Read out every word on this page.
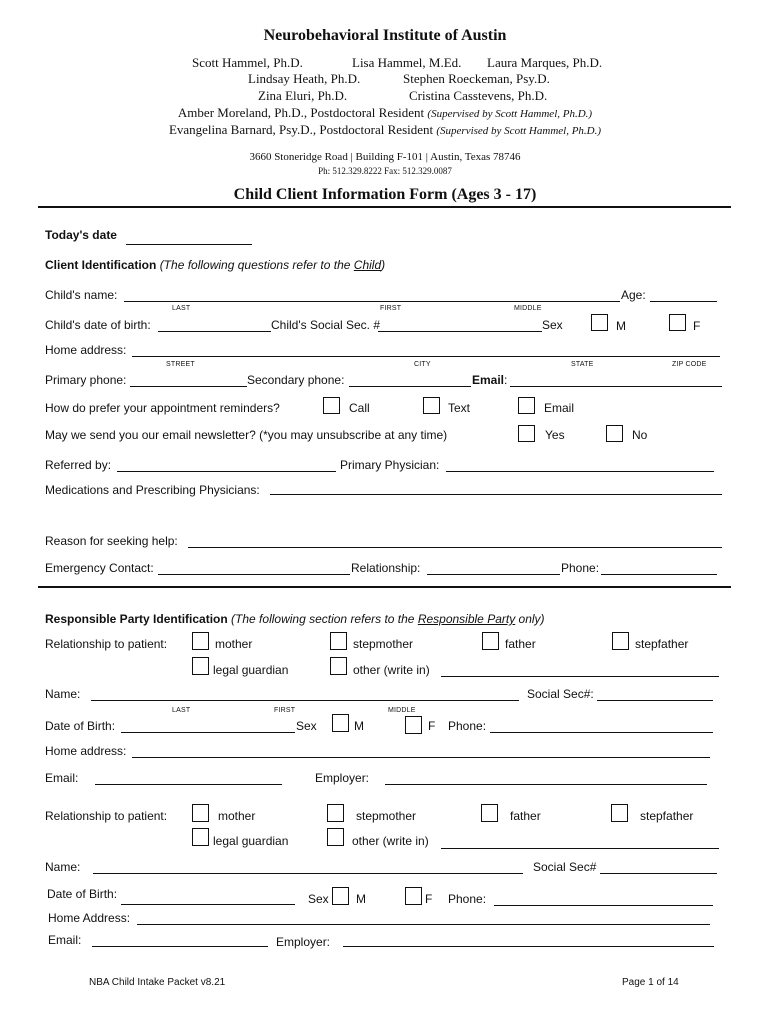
Neurobehavioral Institute of Austin
Scott Hammel, Ph.D.	Lisa Hammel, M.Ed. Laura Marques, Ph.D.
Lindsay Heath, Ph.D.	Stephen Roeckeman, Psy.D.
Zina Eluri, Ph.D.	Cristina Casstevens, Ph.D.
Amber Moreland, Ph.D., Postdoctoral Resident (Supervised by Scott Hammel, Ph.D.)
Evangelina Barnard, Psy.D., Postdoctoral Resident (Supervised by Scott Hammel, Ph.D.)
3660 Stoneridge Road | Building F-101 | Austin, Texas 78746
Ph: 512.329.8222 Fax: 512.329.0087
Child Client Information Form (Ages 3 - 17)
Today's date
Client Identification (The following questions refer to the Child)
Child's name:	Age:
LAST	FIRST	MIDDLE
Child's date of birth:	Child's Social Sec. #	Sex	M	F
Home address:
STREET	CITY	STATE	ZIP CODE
Primary phone:	Secondary phone:	Email:
How do prefer your appointment reminders?	Call	Text	Email
May we send you our email newsletter? (*you may unsubscribe at any time)	Yes	No
Referred by:	Primary Physician:
Medications and Prescribing Physicians:
Reason for seeking help:
Emergency Contact:	Relationship:	Phone:
Responsible Party Identification (The following section refers to the Responsible Party only)
Relationship to patient:	mother	stepmother	father	stepfather
legal guardian	other (write in)
Name:	Social Sec#:
LAST	FIRST	MIDDLE
Date of Birth:	Sex	M	F Phone:
Home address:
Email:	Employer:
Relationship to patient:	mother	stepmother	father	stepfather
legal guardian	other (write in)
Name:	Social Sec#
Date of Birth:	Sex M	F Phone:
Home Address:
Email:	Employer:
NBA Child Intake Packet v8.21	Page 1 of 14
